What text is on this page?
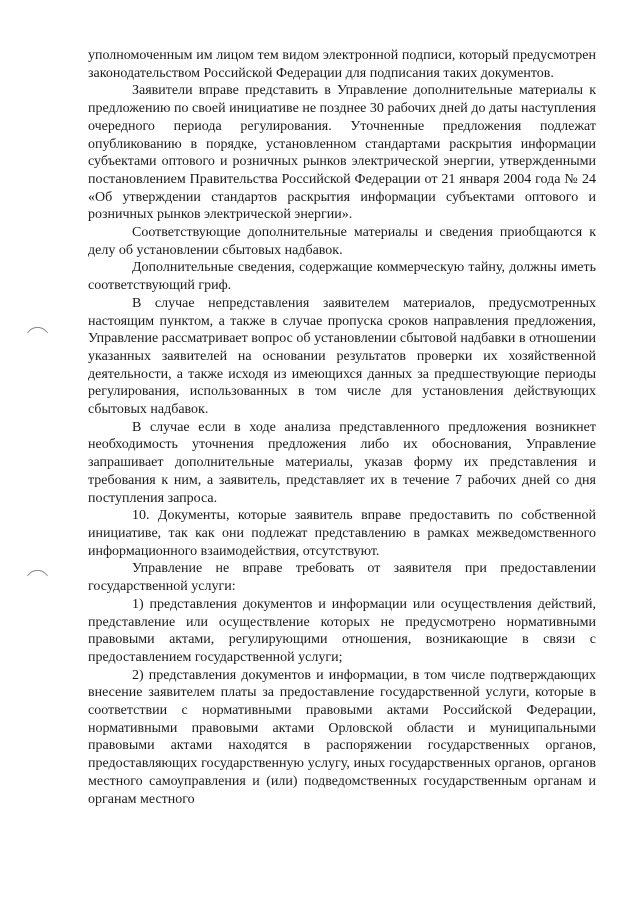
уполномоченным им лицом тем видом электронной подписи, который предусмотрен законодательством Российской Федерации для подписания таких документов.

Заявители вправе представить в Управление дополнительные материалы к предложению по своей инициативе не позднее 30 рабочих дней до даты наступления очередного периода регулирования. Уточненные предложения подлежат опубликованию в порядке, установленном стандартами раскрытия информации субъектами оптового и розничных рынков электрической энергии, утвержденными постановлением Правительства Российской Федерации от 21 января 2004 года № 24 «Об утверждении стандартов раскрытия информации субъектами оптового и розничных рынков электрической энергии».

Соответствующие дополнительные материалы и сведения приобщаются к делу об установлении сбытовых надбавок.

Дополнительные сведения, содержащие коммерческую тайну, должны иметь соответствующий гриф.

В случае непредставления заявителем материалов, предусмотренных настоящим пунктом, а также в случае пропуска сроков направления предложения, Управление рассматривает вопрос об установлении сбытовой надбавки в отношении указанных заявителей на основании результатов проверки их хозяйственной деятельности, а также исходя из имеющихся данных за предшествующие периоды регулирования, использованных в том числе для установления действующих сбытовых надбавок.

В случае если в ходе анализа представленного предложения возникнет необходимость уточнения предложения либо их обоснования, Управление запрашивает дополнительные материалы, указав форму их представления и требования к ним, а заявитель, представляет их в течение 7 рабочих дней со дня поступления запроса.

10. Документы, которые заявитель вправе предоставить по собственной инициативе, так как они подлежат представлению в рамках межведомственного информационного взаимодействия, отсутствуют.

Управление не вправе требовать от заявителя при предоставлении государственной услуги:

1) представления документов и информации или осуществления действий, представление или осуществление которых не предусмотрено нормативными правовыми актами, регулирующими отношения, возникающие в связи с предоставлением государственной услуги;

2) представления документов и информации, в том числе подтверждающих внесение заявителем платы за предоставление государственной услуги, которые в соответствии с нормативными правовыми актами Российской Федерации, нормативными правовыми актами Орловской области и муниципальными правовыми актами находятся в распоряжении государственных органов, предоставляющих государственную услугу, иных государственных органов, органов местного самоуправления и (или) подведомственных государственным органам и органам местного
